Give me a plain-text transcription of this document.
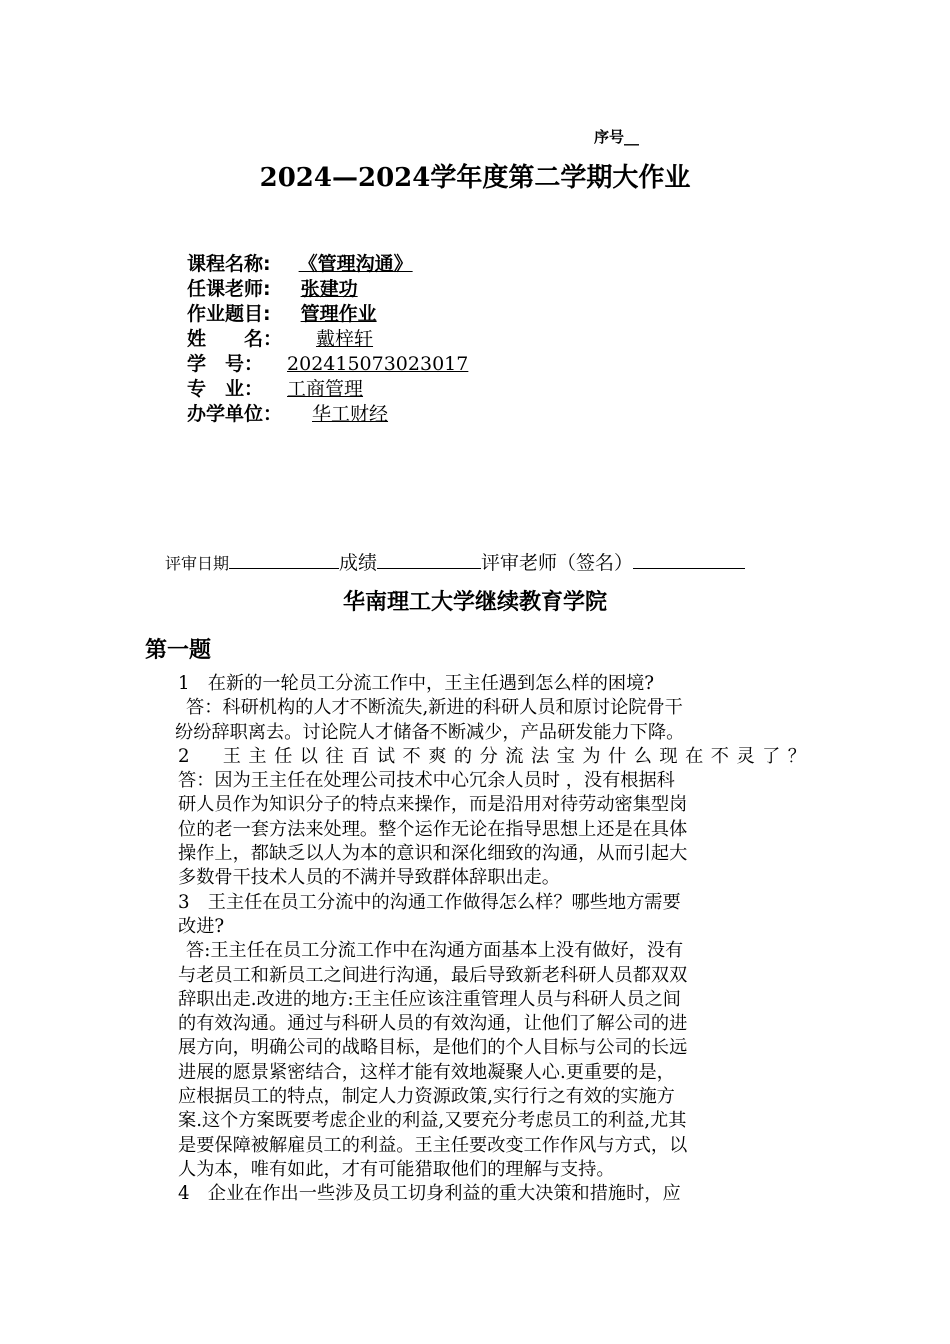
序号__
2024—2024学年度第二学期大作业
课程名称: 《管理沟通》
任课老师: 张建功
作业题目: 管理作业
姓　　名： 戴梓轩
学　号： 202415073023017
专　业： 工商管理
办学单位： 华工财经
评审日期	成绩	评审老师（签名）
华南理工大学继续教育学院
第一题
1　在新的一轮员工分流工作中，王主任遇到怎么样的困境?
答：科研机构的人才不断流失,新进的科研人员和原讨论院骨干
纷纷辞职离去。讨论院人才储备不断减少，产品研发能力下降。
2　王主任以往百试不爽的分流法宝为什么现在不灵了？
答：因为王主任在处理公司技术中心冗余人员时 ，没有根据科
研人员作为知识分子的特点来操作，而是沿用对待劳动密集型岗
位的老一套方法来处理。整个运作无论在指导思想上还是在具体
操作上，都缺乏以人为本的意识和深化细致的沟通，从而引起大
多数骨干技术人员的不满并导致群体辞职出走。
3　王主任在员工分流中的沟通工作做得怎么样？哪些地方需要
改进?
答:王主任在员工分流工作中在沟通方面基本上没有做好，没有
与老员工和新员工之间进行沟通，最后导致新老科研人员都双双
辞职出走.改进的地方:王主任应该注重管理人员与科研人员之间
的有效沟通。通过与科研人员的有效沟通，让他们了解公司的进
展方向，明确公司的战略目标，是他们的个人目标与公司的长远
进展的愿景紧密结合，这样才能有效地凝聚人心.更重要的是，
应根据员工的特点，制定人力资源政策,实行行之有效的实施方
案.这个方案既要考虑企业的利益,又要充分考虑员工的利益,尤其
是要保障被解雇员工的利益。王主任要改变工作作风与方式，以
人为本，唯有如此，才有可能猎取他们的理解与支持。
4　企业在作出一些涉及员工切身利益的重大决策和措施时，应
